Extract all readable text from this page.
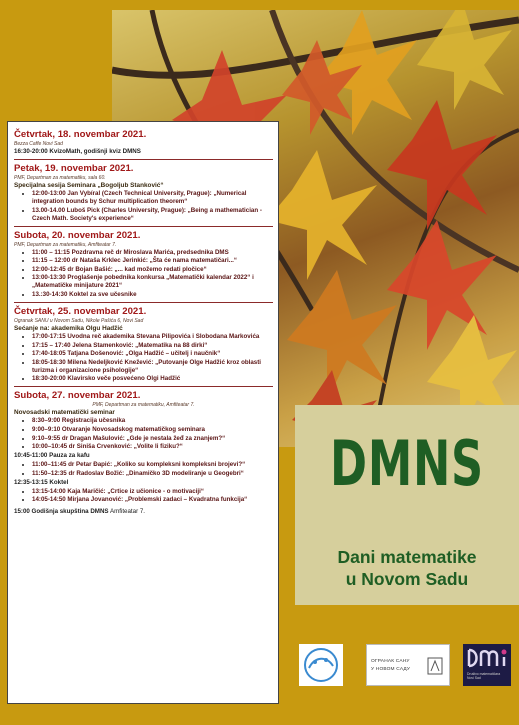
Četvrtak, 18. novembar 2021.
Bezza Caffe Novi Sad
16:30-20:00 KvizoMath, godišnji kviz DMNS
Petak, 19. novembar 2021.
PMF, Departman za matematiku, sala 60.
Specijalna sesija Seminara „Bogoljub Stanković“
• 12:00-13:00 Jan Vybíral (Czech Technical University, Prague): „Numerical integration bounds by Schur multiplication theorem“
• 13.00-14.00 Luboš Pick (Charles University, Prague): „Being a mathematician - Czech Math. Society's experience“
Subota, 20. novembar 2021.
PMF, Departman za matematiku, Amfiteatar 7.
• 11:00 – 11:15 Pozdravna reč dr Miroslava Marića, predsednika DMS
• 11:15 – 12:00 dr Nataša Krklec Jerinkić: „Šta će nama matematičari...“
• 12:00-12:45 dr Bojan Bašić: „... kad možemo redati pločice“
• 13:00-13:30 Proglašenje pobednika konkursa „Matematički kalendar 2022“ i „Matematičke minijature 2021“
• 13.:30-14:30 Koktel za sve učesnike
Četvrtak, 25. novembar 2021.
Ogranak SANU u Novom Sadu, Nikole Pašića 6, Novi Sad
Sećanje na: akademika Olgu Hadžić
• 17:00-17:15 Uvodna reč akademika Stevana Pilipovića i Slobodana Markovića
• 17:15 – 17:40 Jelena Stamenković: „Matematika na 88 dirki“
• 17:40-18:05 Tatjana Došenović: „Olga Hadžić – učitelj i naučnik“
• 18:05-18:30 Milena Nedeljković Knežević: „Putovanje Olge Hadžić kroz oblasti turizma i organizacione psihologije“
• 18:30-20:00 Klavirsko veče posvećeno Olgi Hadžić
Subota, 27. novembar 2021.
PMF, Departman za matematiku, Amfiteatar 7.
Novosadski matematički seminar
• 8:30–9:00 Registracija učesnika
• 9:00–9:10 Otvaranje Novosadskog matematičkog seminara
• 9:10–9:55 dr Dragan Mašulović: „Gde je nestala žeđ za znanjem?“
• 10:00–10:45 dr Siniša Crvenković: „Volite li fiziku?“
10:45-11:00 Pauza za kafu
• 11:00–11:45 dr Petar Đapić: „Koliko su kompleksni kompleksni brojevi?“
• 11:50–12:35 dr Radoslav Božić: „Dinamičko 3D modeliranje u Geogebri“
12:35-13:15 Koktel
• 13:15-14:00 Kaja Maričić: „Crtice iz učionice - o motivaciji“
• 14:05-14:50 Mirjana Jovanović: „Problemski zadaci – Kvadratna funkcija“
15:00 Godišnja skupština DMNS Amfiteatar 7.
DMNS
Dani matematike
u Novom Sadu
ОГРАНАК САНУ
У НОВОМ САДУ
Društvo matematičara Novi Sad
